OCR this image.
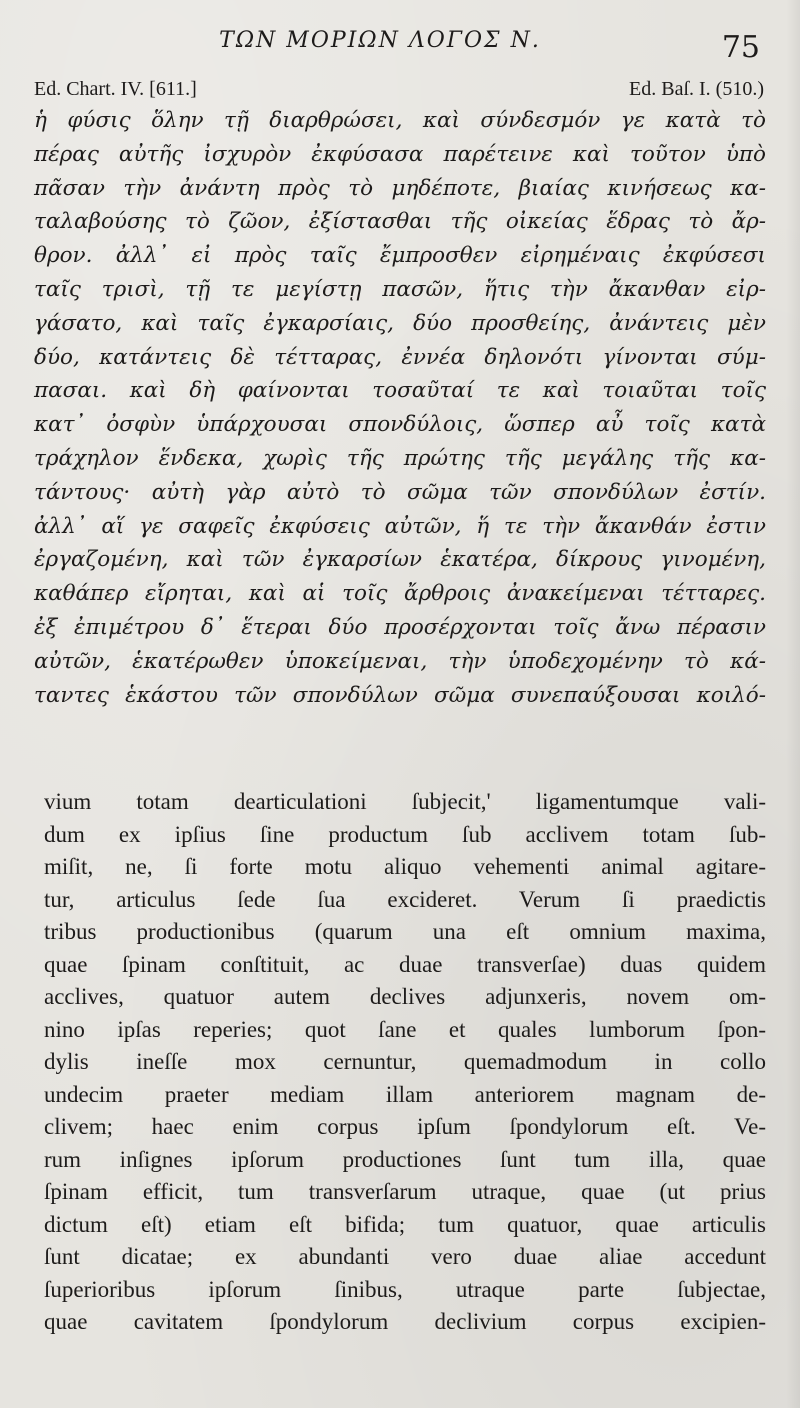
ΤΩΝ ΜΟΡΙΩΝ ΛΟΓΟΣ Ν.	75
Ed. Chart. IV. [611.]	Ed. Baſ. I. (510.)
ἡ φύσις ὅλην τῇ διαρθρώσει, καὶ σύνδεσμόν γε κατὰ τὸ
πέρας αὐτῆς ἰσχυρὸν ἐκφύσασα παρέτεινε καὶ τοῦτον ὑπὸ
πᾶσαν τὴν ἀνάντη πρὸς τὸ μηδέποτε, βιαίας κινήσεως κα-
ταλαβούσης τὸ ζῶον, ἐξίστασθαι τῆς οἰκείας ἕδρας τὸ ἄρ-
θρον. ἀλλ᾽ εἰ πρὸς ταῖς ἔμπροσθεν εἰρημέναις ἐκφύσεσι
ταῖς τρισὶ, τῇ τε μεγίστῃ πασῶν, ἥτις τὴν ἄκανθαν εἰρ-
γάσατο, καὶ ταῖς ἐγκαρσίαις, δύο προσθείης, ἀνάντεις μὲν
δύο, κατάντεις δὲ τέτταρας, ἐννέα δηλονότι γίνονται σύμ-
πασαι. καὶ δὴ φαίνονται τοσαῦταί τε καὶ τοιαῦται τοῖς
κατ᾽ ὀσφὺν ὑπάρχουσαι σπονδύλοις, ὥσπερ αὖ τοῖς κατὰ
τράχηλον ἕνδεκα, χωρὶς τῆς πρώτης τῆς μεγάλης τῆς κα-
τάντους· αὐτὴ γὰρ αὐτὸ τὸ σῶμα τῶν σπονδύλων ἐστίν.
ἀλλ᾽ αἵ γε σαφεῖς ἐκφύσεις αὐτῶν, ἥ τε τὴν ἄκανθάν ἐστιν
ἐργαζομένη, καὶ τῶν ἐγκαρσίων ἑκατέρα, δίκρους γινομένη,
καθάπερ εἴρηται, καὶ αἱ τοῖς ἄρθροις ἀνακείμεναι τέτταρες.
ἐξ ἐπιμέτρου δ᾽ ἕτεραι δύο προσέρχονται τοῖς ἄνω πέρασιν
αὐτῶν, ἑκατέρωθεν ὑποκείμεναι, τὴν ὑποδεχομένην τὸ κά-
ταντες ἑκάστου τῶν σπονδύλων σῶμα συνεπαύξουσαι κοιλό-
vium totam dearticulationi ſubjecit,' ligamentumque vali-
dum ex ipſius ſine productum ſub acclivem totam ſub-
miſit, ne, ſi forte motu aliquo vehementi animal agitare-
tur, articulus ſede ſua excideret. Verum ſi praedictis
tribus productionibus (quarum una eſt omnium maxima,
quae ſpinam conſtituit, ac duae transverſae) duas quidem
acclives, quatuor autem declives adjunxeris, novem om-
nino ipſas reperies; quot ſane et quales lumborum ſpon-
dylis ineſſe mox cernuntur, quemadmodum in collo
undecim praeter mediam illam anteriorem magnam de-
clivem; haec enim corpus ipſum ſpondylorum eſt. Ve-
rum inſignes ipſorum productiones ſunt tum illa, quae
ſpinam efficit, tum transverſarum utraque, quae (ut prius
dictum eſt) etiam eſt bifida; tum quatuor, quae articulis
ſunt dicatae; ex abundanti vero duae aliae accedunt
ſuperioribus ipſorum ſinibus, utraque parte ſubjectae,
quae cavitatem ſpondylorum declivium corpus excipien-
